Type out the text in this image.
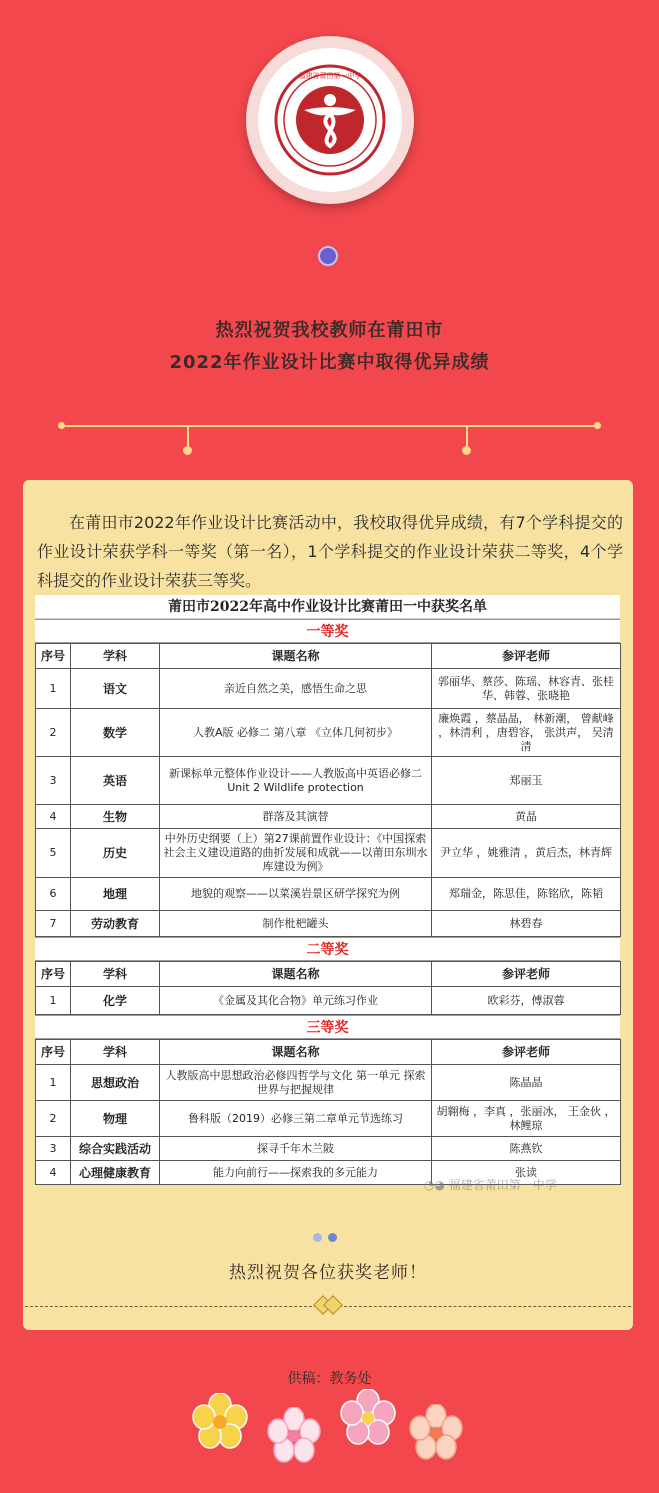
福建省莆田第一中学
热烈祝贺我校教师在莆田市
2022年作业设计比赛中取得优异成绩

在莆田市2022年作业设计比赛活动中，我校取得优异成绩，有7个学科提交的作业设计荣获学科一等奖（第一名），1个学科提交的作业设计荣获二等奖，4个学科提交的作业设计荣获三等奖。

莆田市2022年高中作业设计比赛莆田一中获奖名单
一等奖
序号	学科	课题名称	参评老师
1	语文	亲近自然之美，感悟生命之思	郭丽华、蔡莎、陈瑶、林容青、张桂华、韩蓉、张晓艳
2	数学	人教A版 必修二 第八章 《立体几何初步》	廉焕霞 ，蔡晶晶， 林新潮， 曾献峰 ，林清利 ，唐碧容， 张洪声， 吴清清
3	英语	新课标单元整体作业设计——人教版高中英语必修二Unit 2 Wildlife protection	郑丽玉
4	生物	群落及其演替	黄晶
5	历史	中外历史纲要（上）第27课前置作业设计：《中国探索社会主义建设道路的曲折发展和成就——以莆田东圳水库建设为例》	尹立华 ，姚雅清 ，黄后杰，林青辉
6	地理	地貌的观察——以菜溪岩景区研学探究为例	郑瑞金，陈思佳，陈铭欣，陈韬
7	劳动教育	制作枇杷罐头	林碧春
二等奖
序号	学科	课题名称	参评老师
1	化学	《金属及其化合物》单元练习作业	欧彩芬，傅淑蓉
三等奖
序号	学科	课题名称	参评老师
1	思想政治	人教版高中思想政治必修四哲学与文化 第一单元 探索世界与把握规律	陈晶晶
2	物理	鲁科版（2019）必修三第二章单元节选练习	胡翱梅 ，李真 ，张丽冰， 王金伙 ，林鲤琼
3	综合实践活动	探寻千年木兰陂	陈燕钦
4	心理健康教育	能力向前行——探索我的多元能力	张读
热烈祝贺各位获奖老师！
◔◕ 福建省莆田第一中学
供稿：教务处
